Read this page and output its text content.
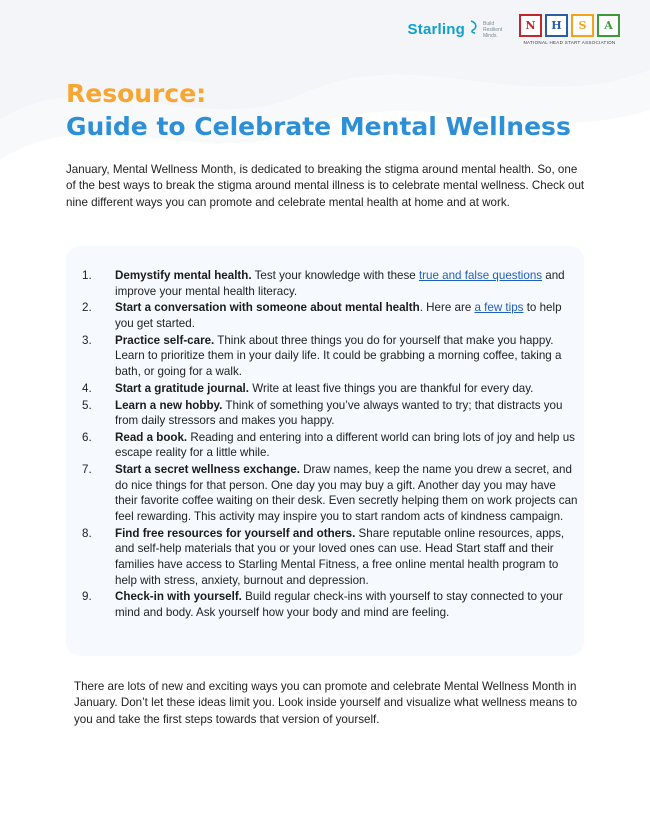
Starling	Build
Resilient
Minds.
N	H	S	A
NATIONAL HEAD START ASSOCIATION
Resource:
Guide to Celebrate Mental Wellness
January, Mental Wellness Month, is dedicated to breaking the stigma around mental health. So, one of the best ways to break the stigma around mental illness is to celebrate mental wellness. Check out nine different ways you can promote and celebrate mental health at home and at work.
1.	Demystify mental health. Test your knowledge with these true and false questions and improve your mental health literacy.
2.	Start a conversation with someone about mental health. Here are a few tips to help you get started.
3.	Practice self-care. Think about three things you do for yourself that make you happy. Learn to prioritize them in your daily life. It could be grabbing a morning coffee, taking a bath, or going for a walk.
4.	Start a gratitude journal. Write at least five things you are thankful for every day.
5.	Learn a new hobby. Think of something you’ve always wanted to try; that distracts you from daily stressors and makes you happy.
6.	Read a book. Reading and entering into a different world can bring lots of joy and help us escape reality for a little while.
7.	Start a secret wellness exchange. Draw names, keep the name you drew a secret, and do nice things for that person. One day you may buy a gift. Another day you may have their favorite coffee waiting on their desk. Even secretly helping them on work projects can feel rewarding. This activity may inspire you to start random acts of kindness campaign.
8.	Find free resources for yourself and others. Share reputable online resources, apps, and self-help materials that you or your loved ones can use. Head Start staff and their families have access to Starling Mental Fitness, a free online mental health program to help with stress, anxiety, burnout and depression.
9.	Check-in with yourself. Build regular check-ins with yourself to stay connected to your mind and body. Ask yourself how your body and mind are feeling.
There are lots of new and exciting ways you can promote and celebrate Mental Wellness Month in January. Don’t let these ideas limit you. Look inside yourself and visualize what wellness means to you and take the first steps towards that version of yourself.
